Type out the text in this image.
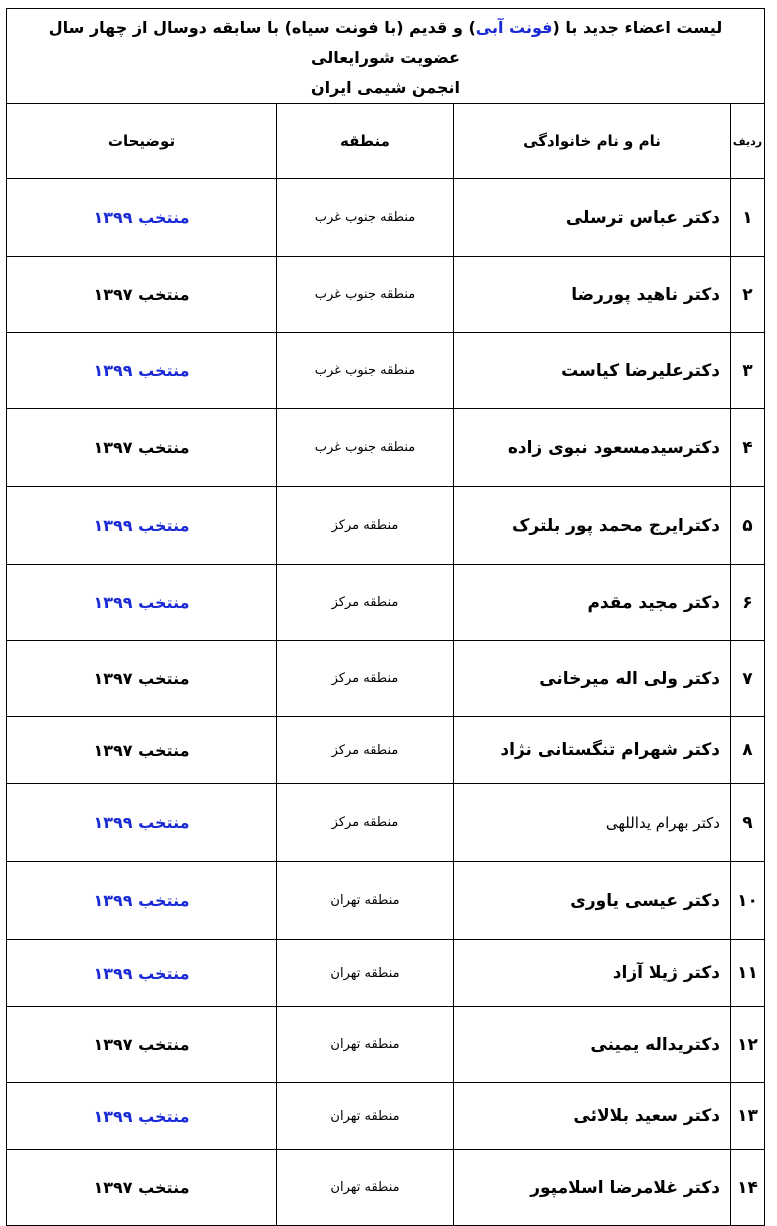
لیست اعضاء جدید با (فونت آبی) و قدیم (با فونت سیاه) با سابقه دوسال از چهار سال عضویت شورایعالی
انجمن شیمی ایران			
ردیف	نام و نام خانوادگی	منطقه	توضیحات
۱	دکتر عباس ترسلی	منطقه جنوب غرب	منتخب ۱۳۹۹
۲	دکتر ناهید پوررضا	منطقه جنوب غرب	منتخب ۱۳۹۷
۳	دکترعلیرضا کیاست	منطقه جنوب غرب	منتخب ۱۳۹۹
۴	دکترسیدمسعود نبوی زاده	منطقه جنوب غرب	منتخب ۱۳۹۷
۵	دکترایرج محمد پور بلترک	منطقه مرکز	منتخب ۱۳۹۹
۶	دکتر مجید مقدم	منطقه مرکز	منتخب ۱۳۹۹
۷	دکتر ولی اله میرخانی	منطقه مرکز	منتخب ۱۳۹۷
۸	دکتر شهرام تنگستانی نژاد	منطقه مرکز	منتخب ۱۳۹۷
۹	دکتر بهرام یداللهی	منطقه مرکز	منتخب ۱۳۹۹
۱۰	دکتر عیسی یاوری	منطقه تهران	منتخب ۱۳۹۹
۱۱	دکتر ژیلا آزاد	منطقه تهران	منتخب ۱۳۹۹
۱۲	دکتریداله یمینی	منطقه تهران	منتخب ۱۳۹۷
۱۳	دکتر سعید بلالائی	منطقه تهران	منتخب ۱۳۹۹
۱۴	دکتر غلامرضا اسلامپور	منطقه تهران	منتخب ۱۳۹۷
